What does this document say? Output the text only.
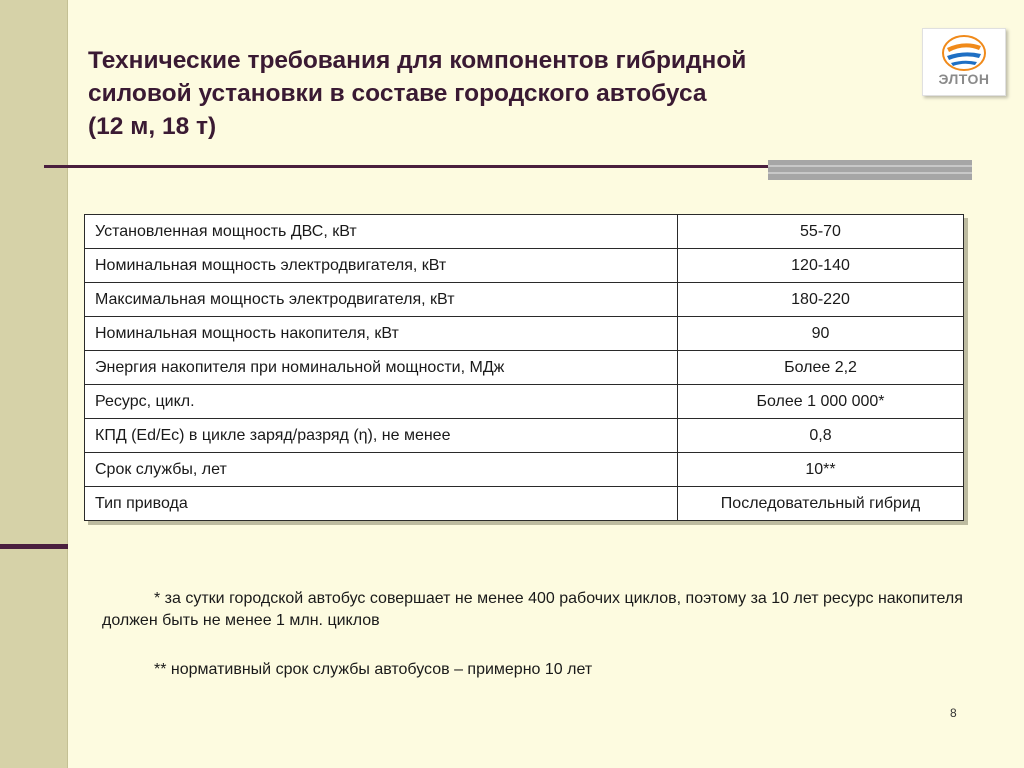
Технические требования для компонентов гибридной
силовой установки в составе городского автобуса
(12 м, 18 т)
ЭЛТОН
Установленная мощность ДВС, кВт	55-70
Номинальная мощность электродвигателя, кВт	120-140
Максимальная мощность электродвигателя, кВт	180-220
Номинальная мощность накопителя, кВт	90
Энергия накопителя при номинальной мощности, МДж	Более 2,2
Ресурс, цикл.	Более 1 000 000*
КПД (Ed/Ec) в цикле заряд/разряд (η), не менее	0,8
Срок службы, лет	10**
Тип привода	Последовательный гибрид

* за сутки городской автобус совершает не менее 400 рабочих циклов, поэтому за 10 лет ресурс накопителя должен быть не менее 1 млн. циклов

** нормативный срок службы автобусов – примерно 10 лет

8
